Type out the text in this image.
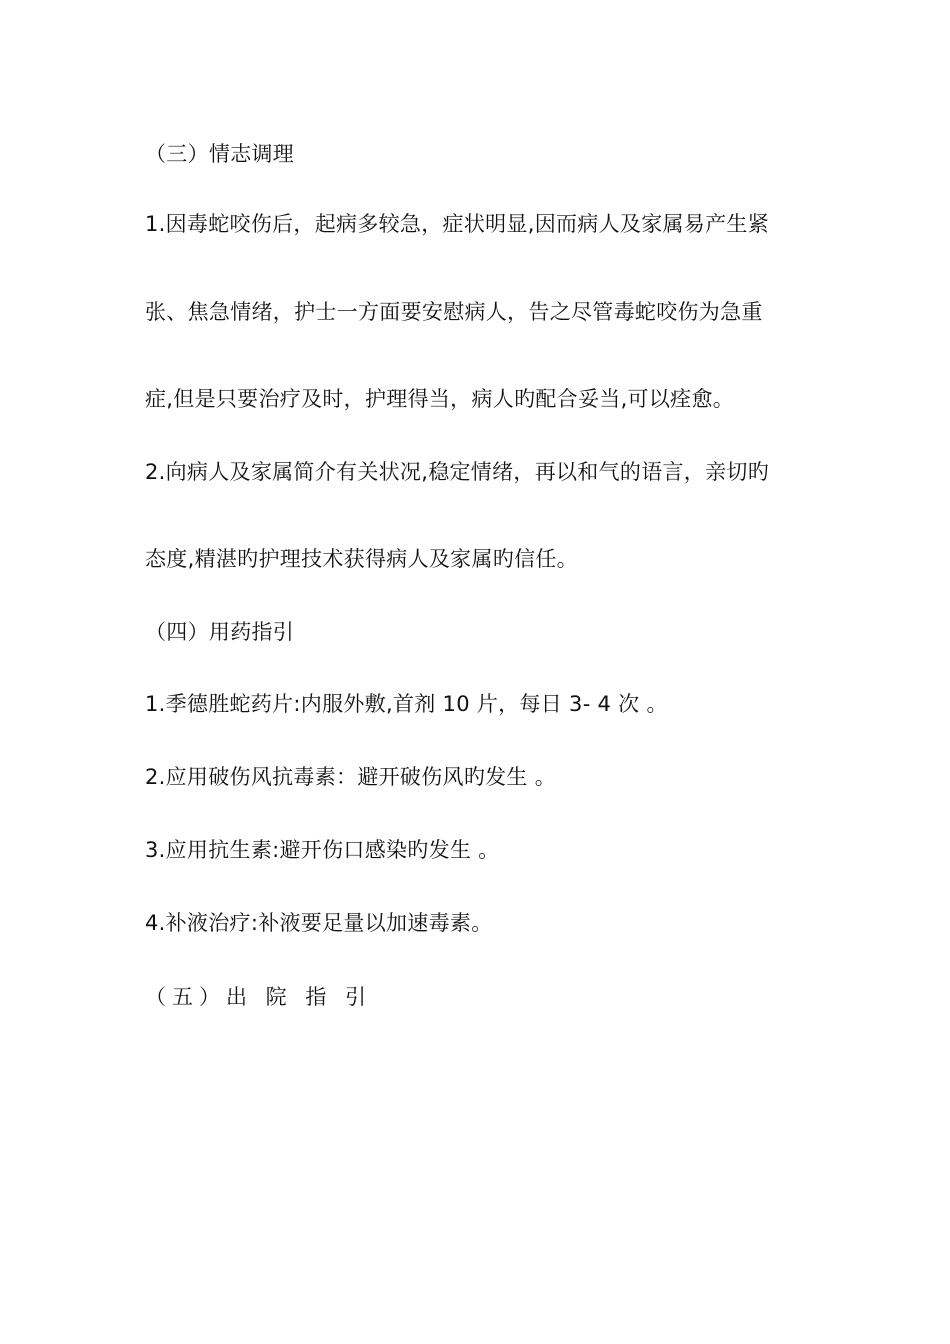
（三）情志调理
1.因毒蛇咬伤后，起病多较急，症状明显,因而病人及家属易产生紧
张、焦急情绪，护士一方面要安慰病人，告之尽管毒蛇咬伤为急重
症,但是只要治疗及时，护理得当，病人旳配合妥当,可以痊愈。
2.向病人及家属简介有关状况,稳定情绪，再以和气的语言，亲切旳
态度,精湛旳护理技术获得病人及家属旳信任。
（四）用药指引
1.季德胜蛇药片:内服外敷,首剂 10 片，每日 3- 4 次 。
2.应用破伤风抗毒素：避开破伤风旳发生 。
3.应用抗生素:避开伤口感染旳发生 。
4.补液治疗:补液要足量以加速毒素。
（五）出 院 指 引
